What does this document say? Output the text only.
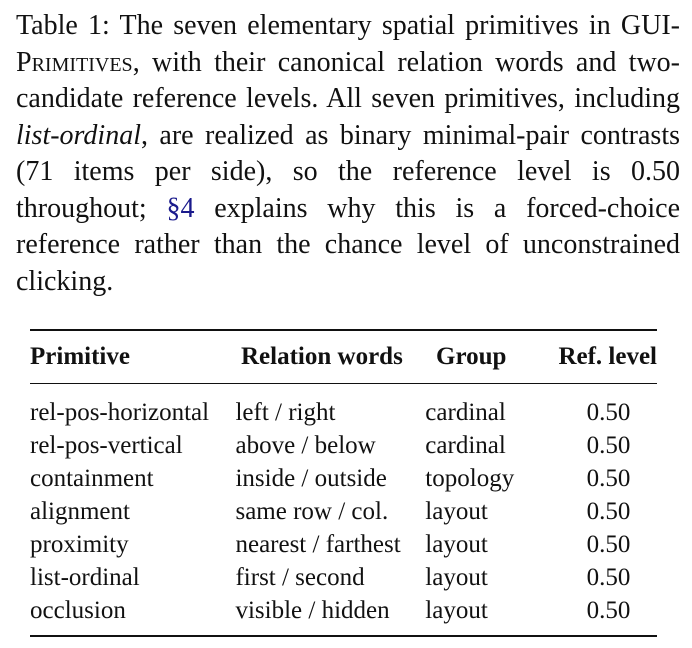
Table 1: The seven elementary spatial primitives in GUI-Primitives, with their canonical relation words and two-candidate reference levels. All seven primitives, including list-ordinal, are realized as binary minimal-pair contrasts (71 items per side), so the reference level is 0.50 throughout; §4 explains why this is a forced-choice reference rather than the chance level of unconstrained clicking.
Primitive	Relation words	Group	Ref. level
rel-pos-horizontal	left / right	cardinal	0.50
rel-pos-vertical	above / below	cardinal	0.50
containment	inside / outside	topology	0.50
alignment	same row / col.	layout	0.50
proximity	nearest / farthest	layout	0.50
list-ordinal	first / second	layout	0.50
occlusion	visible / hidden	layout	0.50
